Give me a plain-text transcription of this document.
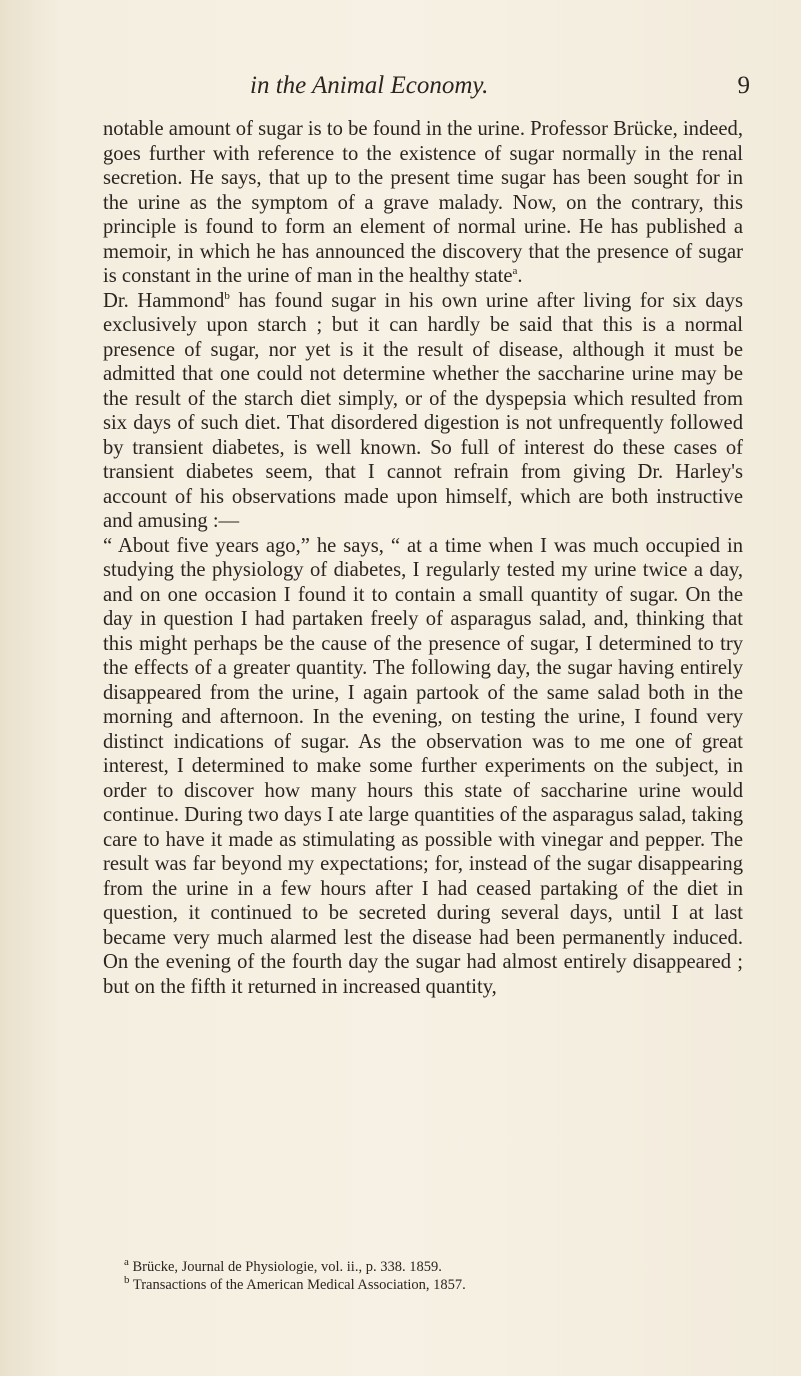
in the Animal Economy.	9

notable amount of sugar is to be found in the urine. Professor Brücke, indeed, goes further with reference to the existence of sugar normally in the renal secretion. He says, that up to the present time sugar has been sought for in the urine as the symptom of a grave malady. Now, on the contrary, this principle is found to form an element of normal urine. He has published a memoir, in which he has announced the discovery that the presence of sugar is constant in the urine of man in the healthy state$^a$.

Dr. Hammond$^b$ has found sugar in his own urine after living for six days exclusively upon starch ; but it can hardly be said that this is a normal presence of sugar, nor yet is it the result of disease, although it must be admitted that one could not determine whether the saccharine urine may be the result of the starch diet simply, or of the dyspepsia which resulted from six days of such diet. That disordered digestion is not unfrequently followed by transient diabetes, is well known. So full of interest do these cases of transient diabetes seem, that I cannot refrain from giving Dr. Harley's account of his observations made upon himself, which are both instructive and amusing :—

“ About five years ago,” he says, “ at a time when I was much occupied in studying the physiology of diabetes, I regularly tested my urine twice a day, and on one occasion I found it to contain a small quantity of sugar. On the day in question I had partaken freely of asparagus salad, and, thinking that this might perhaps be the cause of the presence of sugar, I determined to try the effects of a greater quantity. The following day, the sugar having entirely disappeared from the urine, I again partook of the same salad both in the morning and afternoon. In the evening, on testing the urine, I found very distinct indications of sugar. As the observation was to me one of great interest, I determined to make some further experiments on the subject, in order to discover how many hours this state of saccharine urine would continue. During two days I ate large quantities of the asparagus salad, taking care to have it made as stimulating as possible with vinegar and pepper. The result was far beyond my expectations; for, instead of the sugar disappearing from the urine in a few hours after I had ceased partaking of the diet in question, it continued to be secreted during several days, until I at last became very much alarmed lest the disease had been permanently induced. On the evening of the fourth day the sugar had almost entirely disappeared ; but on the fifth it returned in increased quantity,

$^a$ Brücke, Journal de Physiologie, vol. ii., p. 338. 1859.
$^b$ Transactions of the American Medical Association, 1857.
